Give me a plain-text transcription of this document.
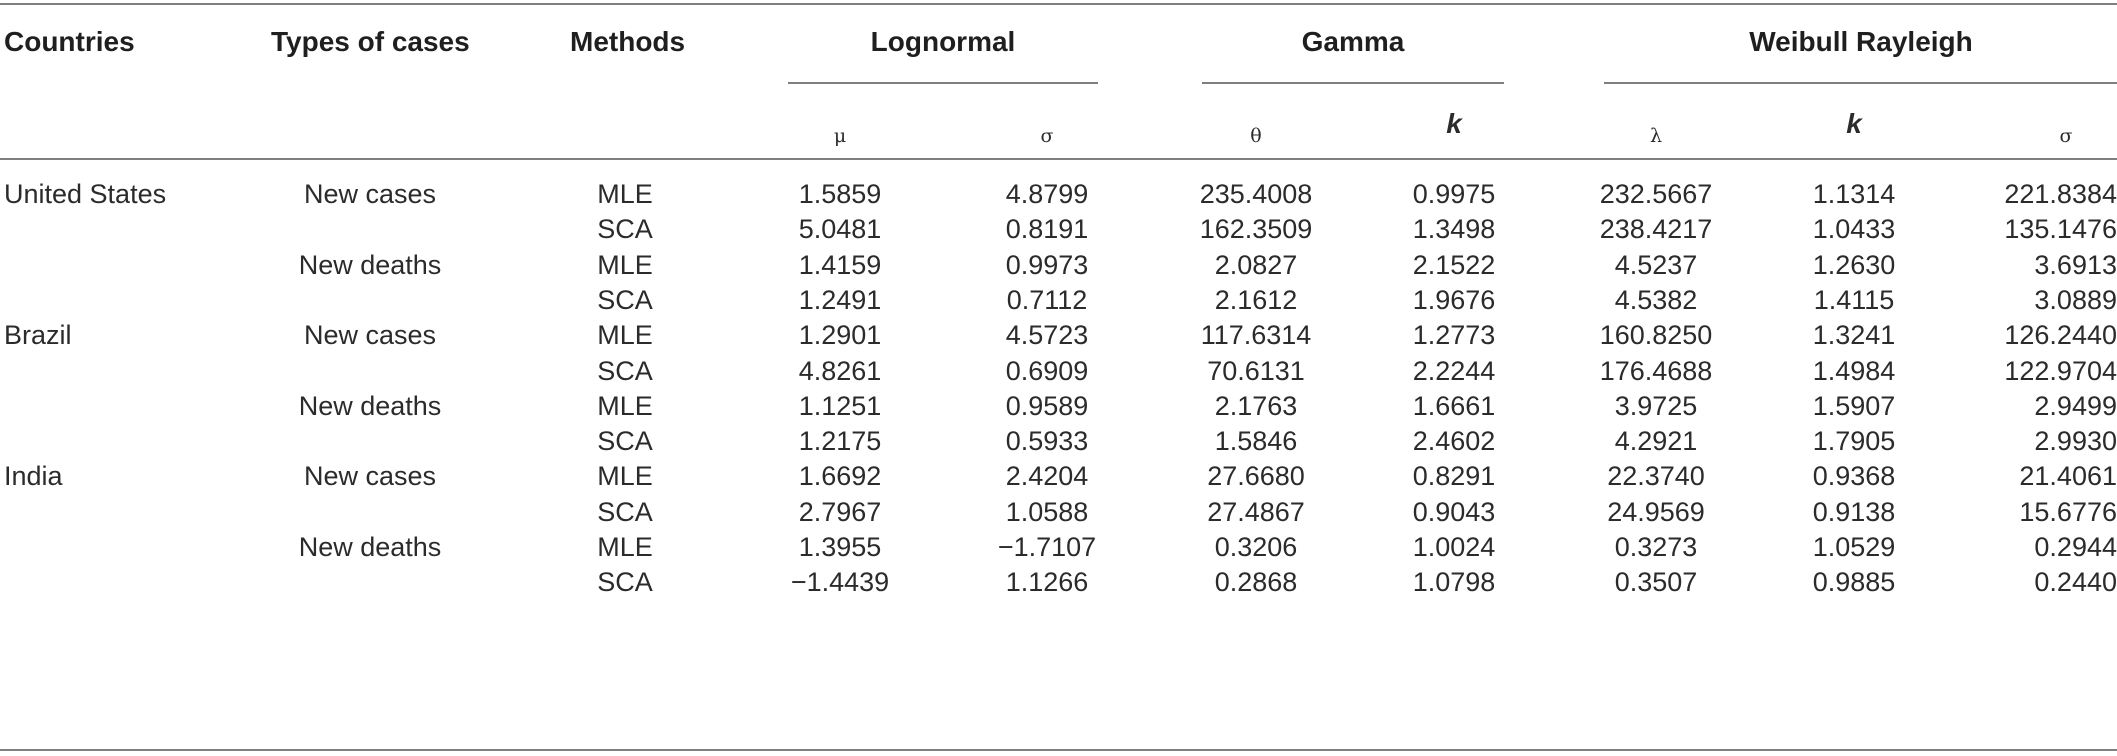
Countries	Types of cases	Methods	Lognormal	Gamma	Weibull Rayleigh
μ	σ	θ	k	λ	k	σ
United States	New cases	MLE	1.5859	4.8799	235.4008	0.9975	232.5667	1.1314	221.8384
SCA	5.0481	0.8191	162.3509	1.3498	238.4217	1.0433	135.1476
New deaths	MLE	1.4159	0.9973	2.0827	2.1522	4.5237	1.2630	3.6913
SCA	1.2491	0.7112	2.1612	1.9676	4.5382	1.4115	3.0889
Brazil	New cases	MLE	1.2901	4.5723	117.6314	1.2773	160.8250	1.3241	126.2440
SCA	4.8261	0.6909	70.6131	2.2244	176.4688	1.4984	122.9704
New deaths	MLE	1.1251	0.9589	2.1763	1.6661	3.9725	1.5907	2.9499
SCA	1.2175	0.5933	1.5846	2.4602	4.2921	1.7905	2.9930
India	New cases	MLE	1.6692	2.4204	27.6680	0.8291	22.3740	0.9368	21.4061
SCA	2.7967	1.0588	27.4867	0.9043	24.9569	0.9138	15.6776
New deaths	MLE	1.3955	−1.7107	0.3206	1.0024	0.3273	1.0529	0.2944
SCA	−1.4439	1.1266	0.2868	1.0798	0.3507	0.9885	0.2440
